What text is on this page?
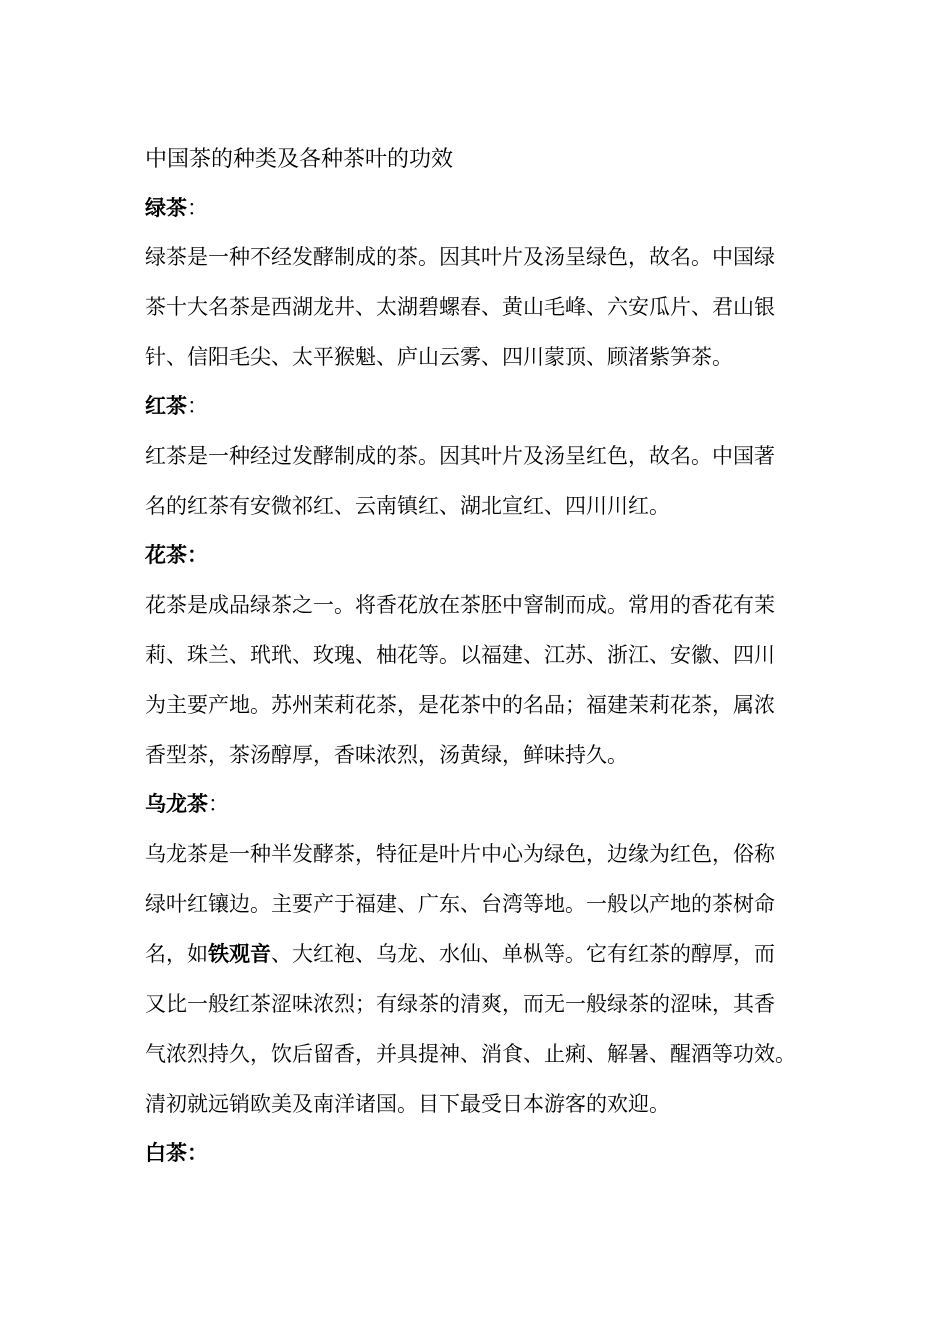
中国茶的种类及各种茶叶的功效
绿茶：
绿茶是一种不经发酵制成的茶。因其叶片及汤呈绿色，故名。中国绿
茶十大名茶是西湖龙井、太湖碧螺春、黄山毛峰、六安瓜片、君山银
针、信阳毛尖、太平猴魁、庐山云雾、四川蒙顶、顾渚紫笋茶。
红茶：
红茶是一种经过发酵制成的茶。因其叶片及汤呈红色，故名。中国著
名的红茶有安微祁红、云南镇红、湖北宣红、四川川红。
花茶：
花茶是成品绿茶之一。将香花放在茶胚中窨制而成。常用的香花有茉
莉、珠兰、玳玳、玫瑰、柚花等。以福建、江苏、浙江、安徽、四川
为主要产地。苏州茉莉花茶，是花茶中的名品；福建茉莉花茶，属浓
香型茶，茶汤醇厚，香味浓烈，汤黄绿，鲜味持久。
乌龙茶：
乌龙茶是一种半发酵茶，特征是叶片中心为绿色，边缘为红色，俗称
绿叶红镶边。主要产于福建、广东、台湾等地。一般以产地的茶树命
名，如铁观音、大红袍、乌龙、水仙、单枞等。它有红茶的醇厚，而
又比一般红茶涩味浓烈；有绿茶的清爽，而无一般绿茶的涩味，其香
气浓烈持久，饮后留香，并具提神、消食、止痢、解暑、醒酒等功效。
清初就远销欧美及南洋诸国。目下最受日本游客的欢迎。
白茶：
